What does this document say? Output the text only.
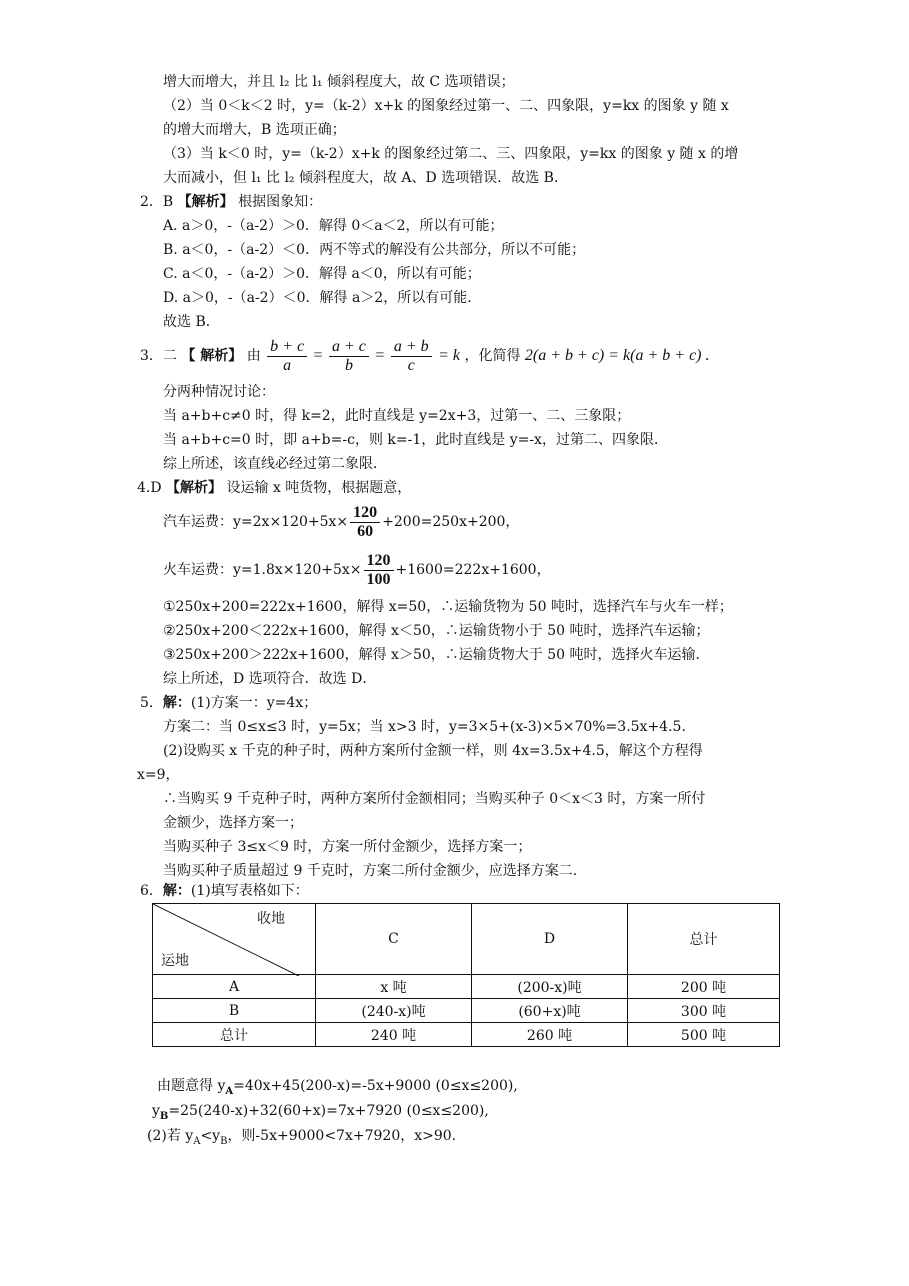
增大而增大，并且 l₂ 比 l₁ 倾斜程度大，故 C 选项错误；
（2）当 0＜k＜2 时，y=（k-2）x+k 的图象经过第一、二、四象限，y=kx 的图象 y 随 x
的增大而增大，B 选项正确；
（3）当 k＜0 时，y=（k-2）x+k 的图象经过第二、三、四象限，y=kx 的图象 y 随 x 的增
大而减小，但 l₁ 比 l₂ 倾斜程度大，故 A、D 选项错误．故选 B．
2．B 【解析】 根据图象知：
A. a＞0，-（a-2）＞0．解得 0＜a＜2，所以有可能；
B. a＜0，-（a-2）＜0．两不等式的解没有公共部分，所以不可能；
C. a＜0，-（a-2）＞0．解得 a＜0，所以有可能；
D. a＞0，-（a-2）＜0．解得 a＞2，所以有可能．
故选 B．
3．二 【 解析】 由 $\frac{b + c}{a} = \frac{a + c}{b} = \frac{a + b}{c} = k$ ，化简得 2(a + b + c) = k(a + b + c) .
分两种情况讨论：
当 a+b+c≠0 时，得 k=2，此时直线是 y=2x+3，过第一、二、三象限；
当 a+b+c=0 时，即 a+b=-c，则 k=-1，此时直线是 y=-x，过第二、四象限．
综上所述，该直线必经过第二象限．
4.D 【解析】 设运输 x 吨货物，根据题意，
汽车运费：$y=2x\times 120+5x\times \frac{120}{60} +200=250x+200$，
火车运费：$y=1.8x\times 120+5x\times \frac{120}{100} +1600=222x+1600$，
①250x+200=222x+1600，解得 x=50，∴运输货物为 50 吨时，选择汽车与火车一样；
②250x+200＜222x+1600，解得 x＜50，∴运输货物小于 50 吨时，选择汽车运输；
③250x+200＞222x+1600，解得 x＞50，∴运输货物大于 50 吨时，选择火车运输．
综上所述，D 选项符合．故选 D．
5．解：(1)方案一：y=4x；
方案二：当 0≤x≤3 时，y=5x；当 x>3 时，y=3×5+(x-3)×5×70%=3.5x+4.5.
(2)设购买 x 千克的种子时，两种方案所付金额一样，则 4x=3.5x+4.5，解这个方程得
x=9，
∴当购买 9 千克种子时，两种方案所付金额相同；当购买种子 0＜x＜3 时，方案一所付
金额少，选择方案一；
当购买种子 3≤x＜9 时，方案一所付金额少，选择方案一；
当购买种子质量超过 9 千克时，方案二所付金额少，应选择方案二.
6．解：(1)填写表格如下：
收地
运地	C	D	总计
A	x 吨	(200-x)吨	200 吨
B	(240-x)吨	(60+x)吨	300 吨
总计	240 吨	260 吨	500 吨
由题意得 $y_A=40x+45(200-x)=-5x+9000$ (0≤x≤200),
$y_B=25(240-x)+32(60+x)=7x+7920$ (0≤x≤200),
(2)若 $y_A<y_B$，则-5x+9000<7x+7920，x>90.
